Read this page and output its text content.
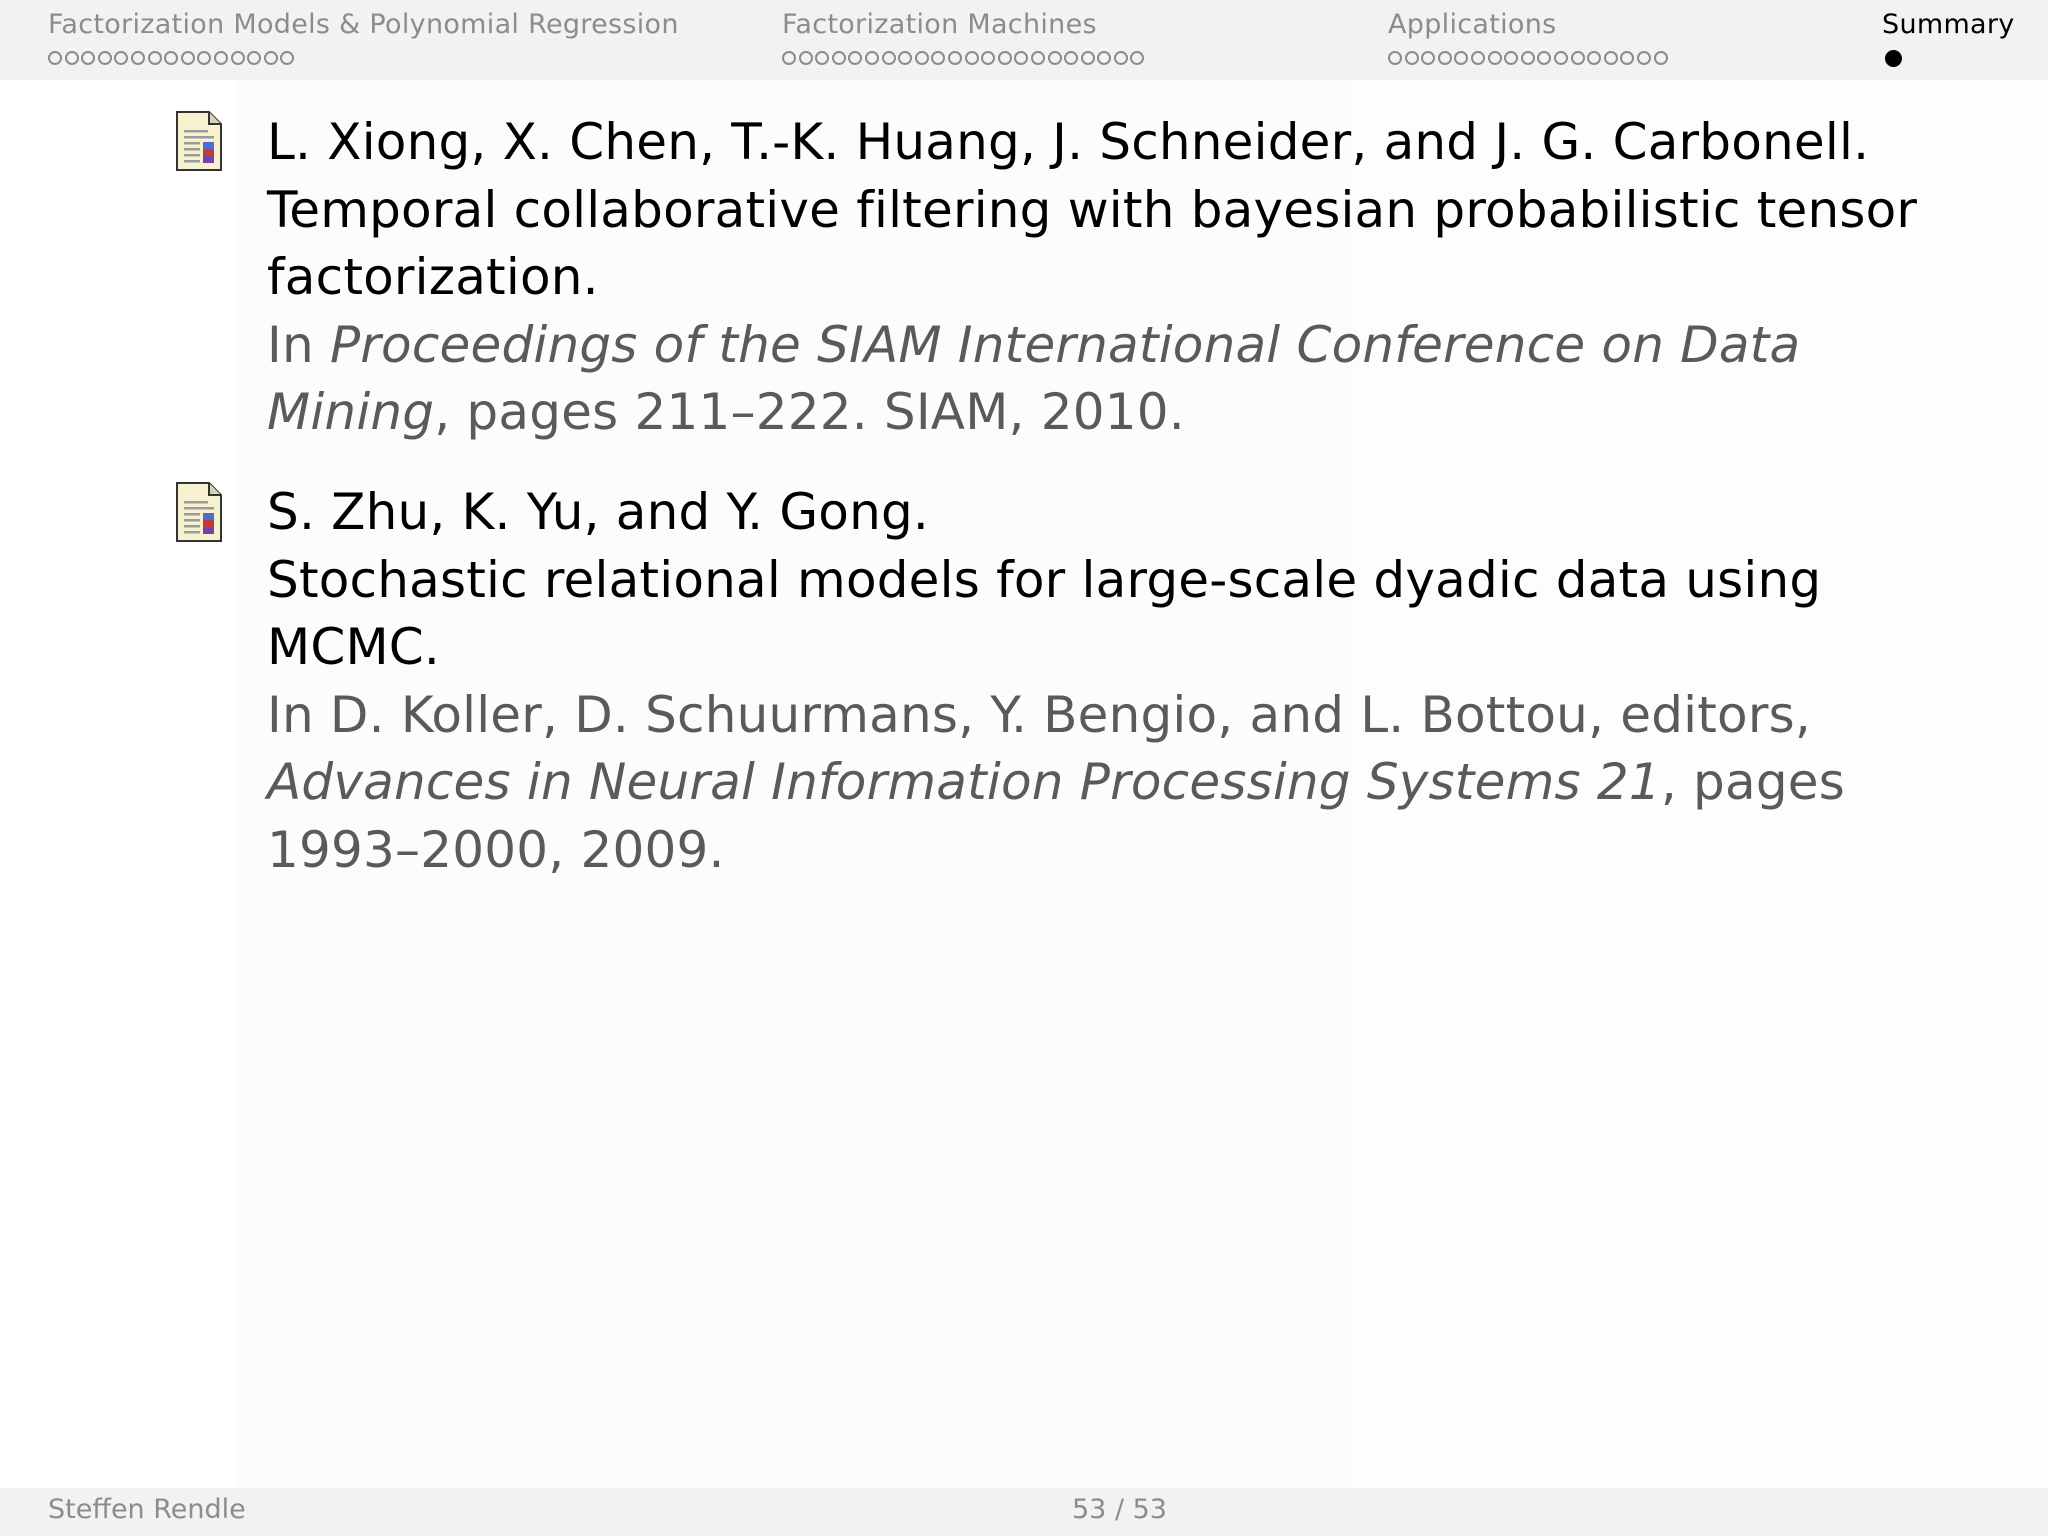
Factorization Models & Polynomial Regression	Factorization Machines	Applications	Summary
L. Xiong, X. Chen, T.-K. Huang, J. Schneider, and J. G. Carbonell.
Temporal collaborative filtering with bayesian probabilistic tensor
factorization.
In Proceedings of the SIAM International Conference on Data
Mining, pages 211–222. SIAM, 2010.
S. Zhu, K. Yu, and Y. Gong.
Stochastic relational models for large-scale dyadic data using
MCMC.
In D. Koller, D. Schuurmans, Y. Bengio, and L. Bottou, editors,
Advances in Neural Information Processing Systems 21, pages
1993–2000, 2009.
Steffen Rendle	53 / 53
